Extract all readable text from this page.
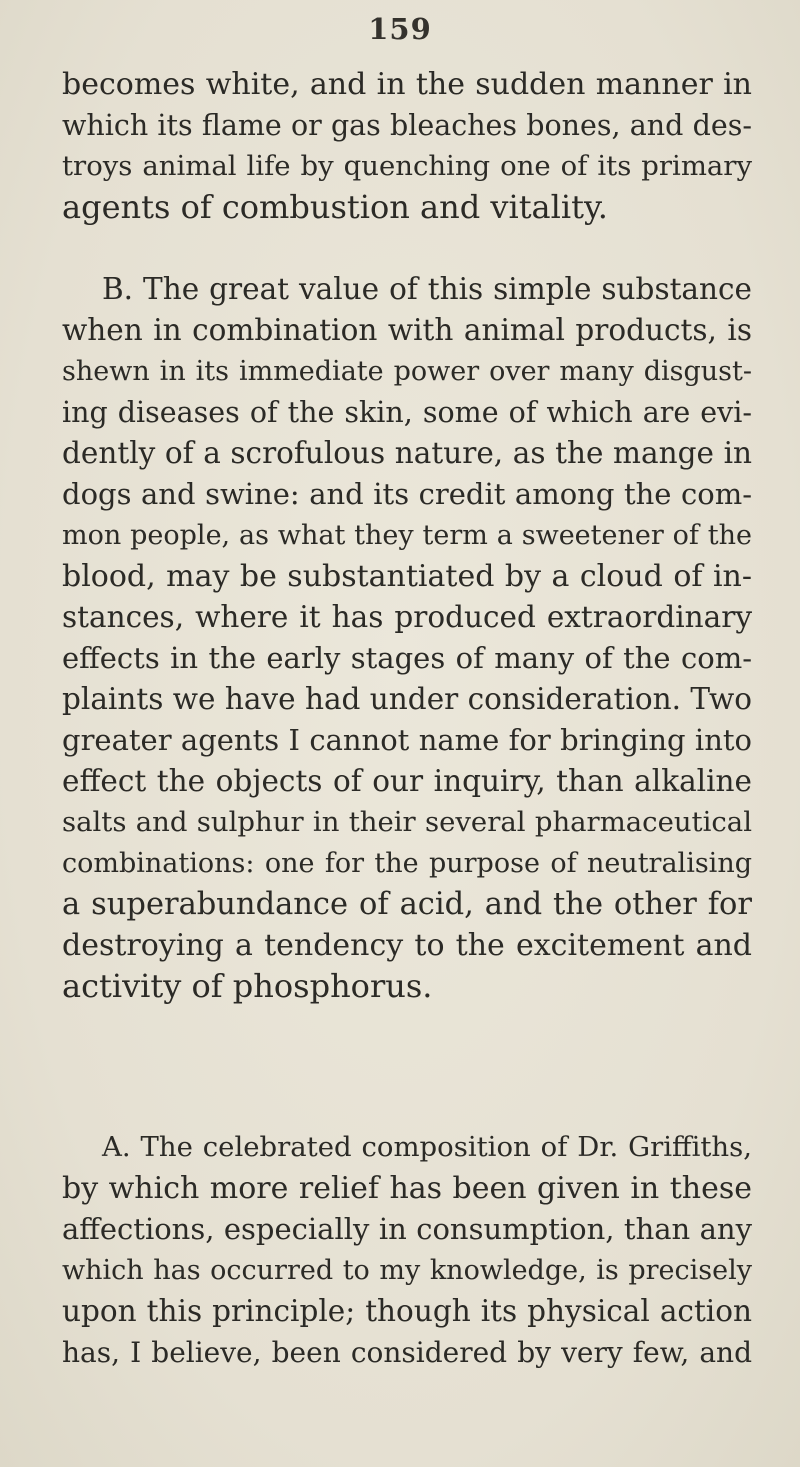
159
becomes white, and in the sudden manner in
which its flame or gas bleaches bones, and des-
troys animal life by quenching one of its primary
agents of combustion and vitality.
B. The great value of this simple substance
when in combination with animal products, is
shewn in its immediate power over many disgust-
ing diseases of the skin, some of which are evi-
dently of a scrofulous nature, as the mange in
dogs and swine: and its credit among the com-
mon people, as what they term a sweetener of the
blood, may be substantiated by a cloud of in-
stances, where it has produced extraordinary
effects in the early stages of many of the com-
plaints we have had under consideration. Two
greater agents I cannot name for bringing into
effect the objects of our inquiry, than alkaline
salts and sulphur in their several pharmaceutical
combinations: one for the purpose of neutralising
a superabundance of acid, and the other for
destroying a tendency to the excitement and
activity of phosphorus.
A. The celebrated composition of Dr. Griffiths,
by which more relief has been given in these
affections, especially in consumption, than any
which has occurred to my knowledge, is precisely
upon this principle; though its physical action
has, I believe, been considered by very few, and
